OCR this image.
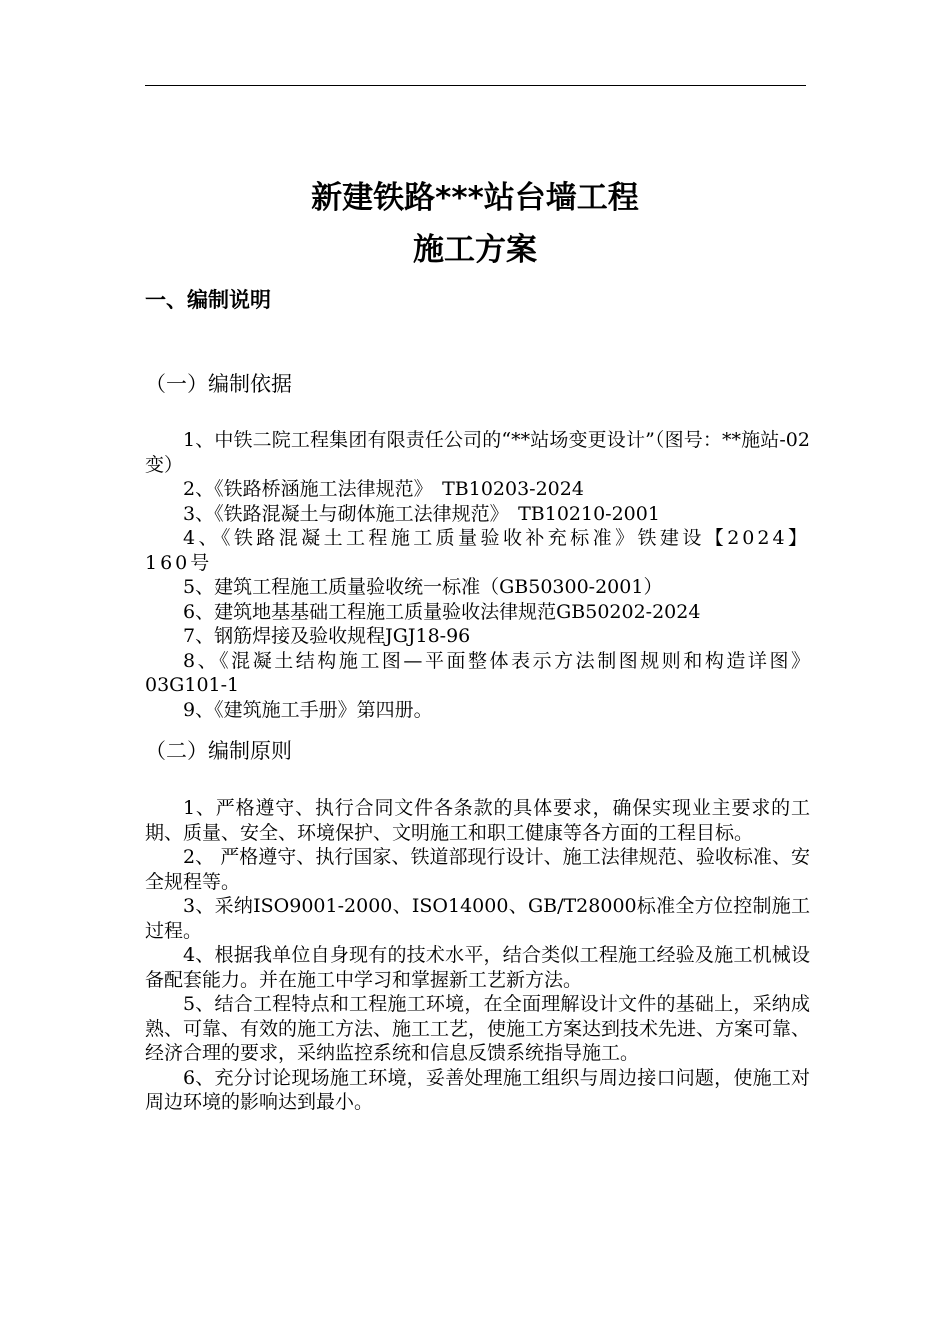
新建铁路***站台墙工程
施工方案
一、编制说明
（一）编制依据

1、中铁二院工程集团有限责任公司的“**站场变更设计”（图号：**施站-02变）

2、《铁路桥涵施工法律规范》　TB10203-2024

3、《铁路混凝土与砌体施工法律规范》　TB10210-2001

4、《铁路混凝土工程施工质量验收补充标准》铁建设【2024】160号

5、建筑工程施工质量验收统一标准（GB50300-2001）

6、建筑地基基础工程施工质量验收法律规范GB50202-2024

7、钢筋焊接及验收规程JGJ18-96

8、《混凝土结构施工图—平面整体表示方法制图规则和构造详图》03G101-1

9、《建筑施工手册》第四册。

（二）编制原则

1、严格遵守、执行合同文件各条款的具体要求，确保实现业主要求的工期、质量、安全、环境保护、文明施工和职工健康等各方面的工程目标。

2、 严格遵守、执行国家、铁道部现行设计、施工法律规范、验收标准、安全规程等。

3、采纳ISO9001-2000、ISO14000、GB/T28000标准全方位控制施工过程。

4、根据我单位自身现有的技术水平，结合类似工程施工经验及施工机械设备配套能力。并在施工中学习和掌握新工艺新方法。

5、结合工程特点和工程施工环境，在全面理解设计文件的基础上，采纳成熟、可靠、有效的施工方法、施工工艺，使施工方案达到技术先进、方案可靠、经济合理的要求，采纳监控系统和信息反馈系统指导施工。

6、充分讨论现场施工环境，妥善处理施工组织与周边接口问题，使施工对周边环境的影响达到最小。
